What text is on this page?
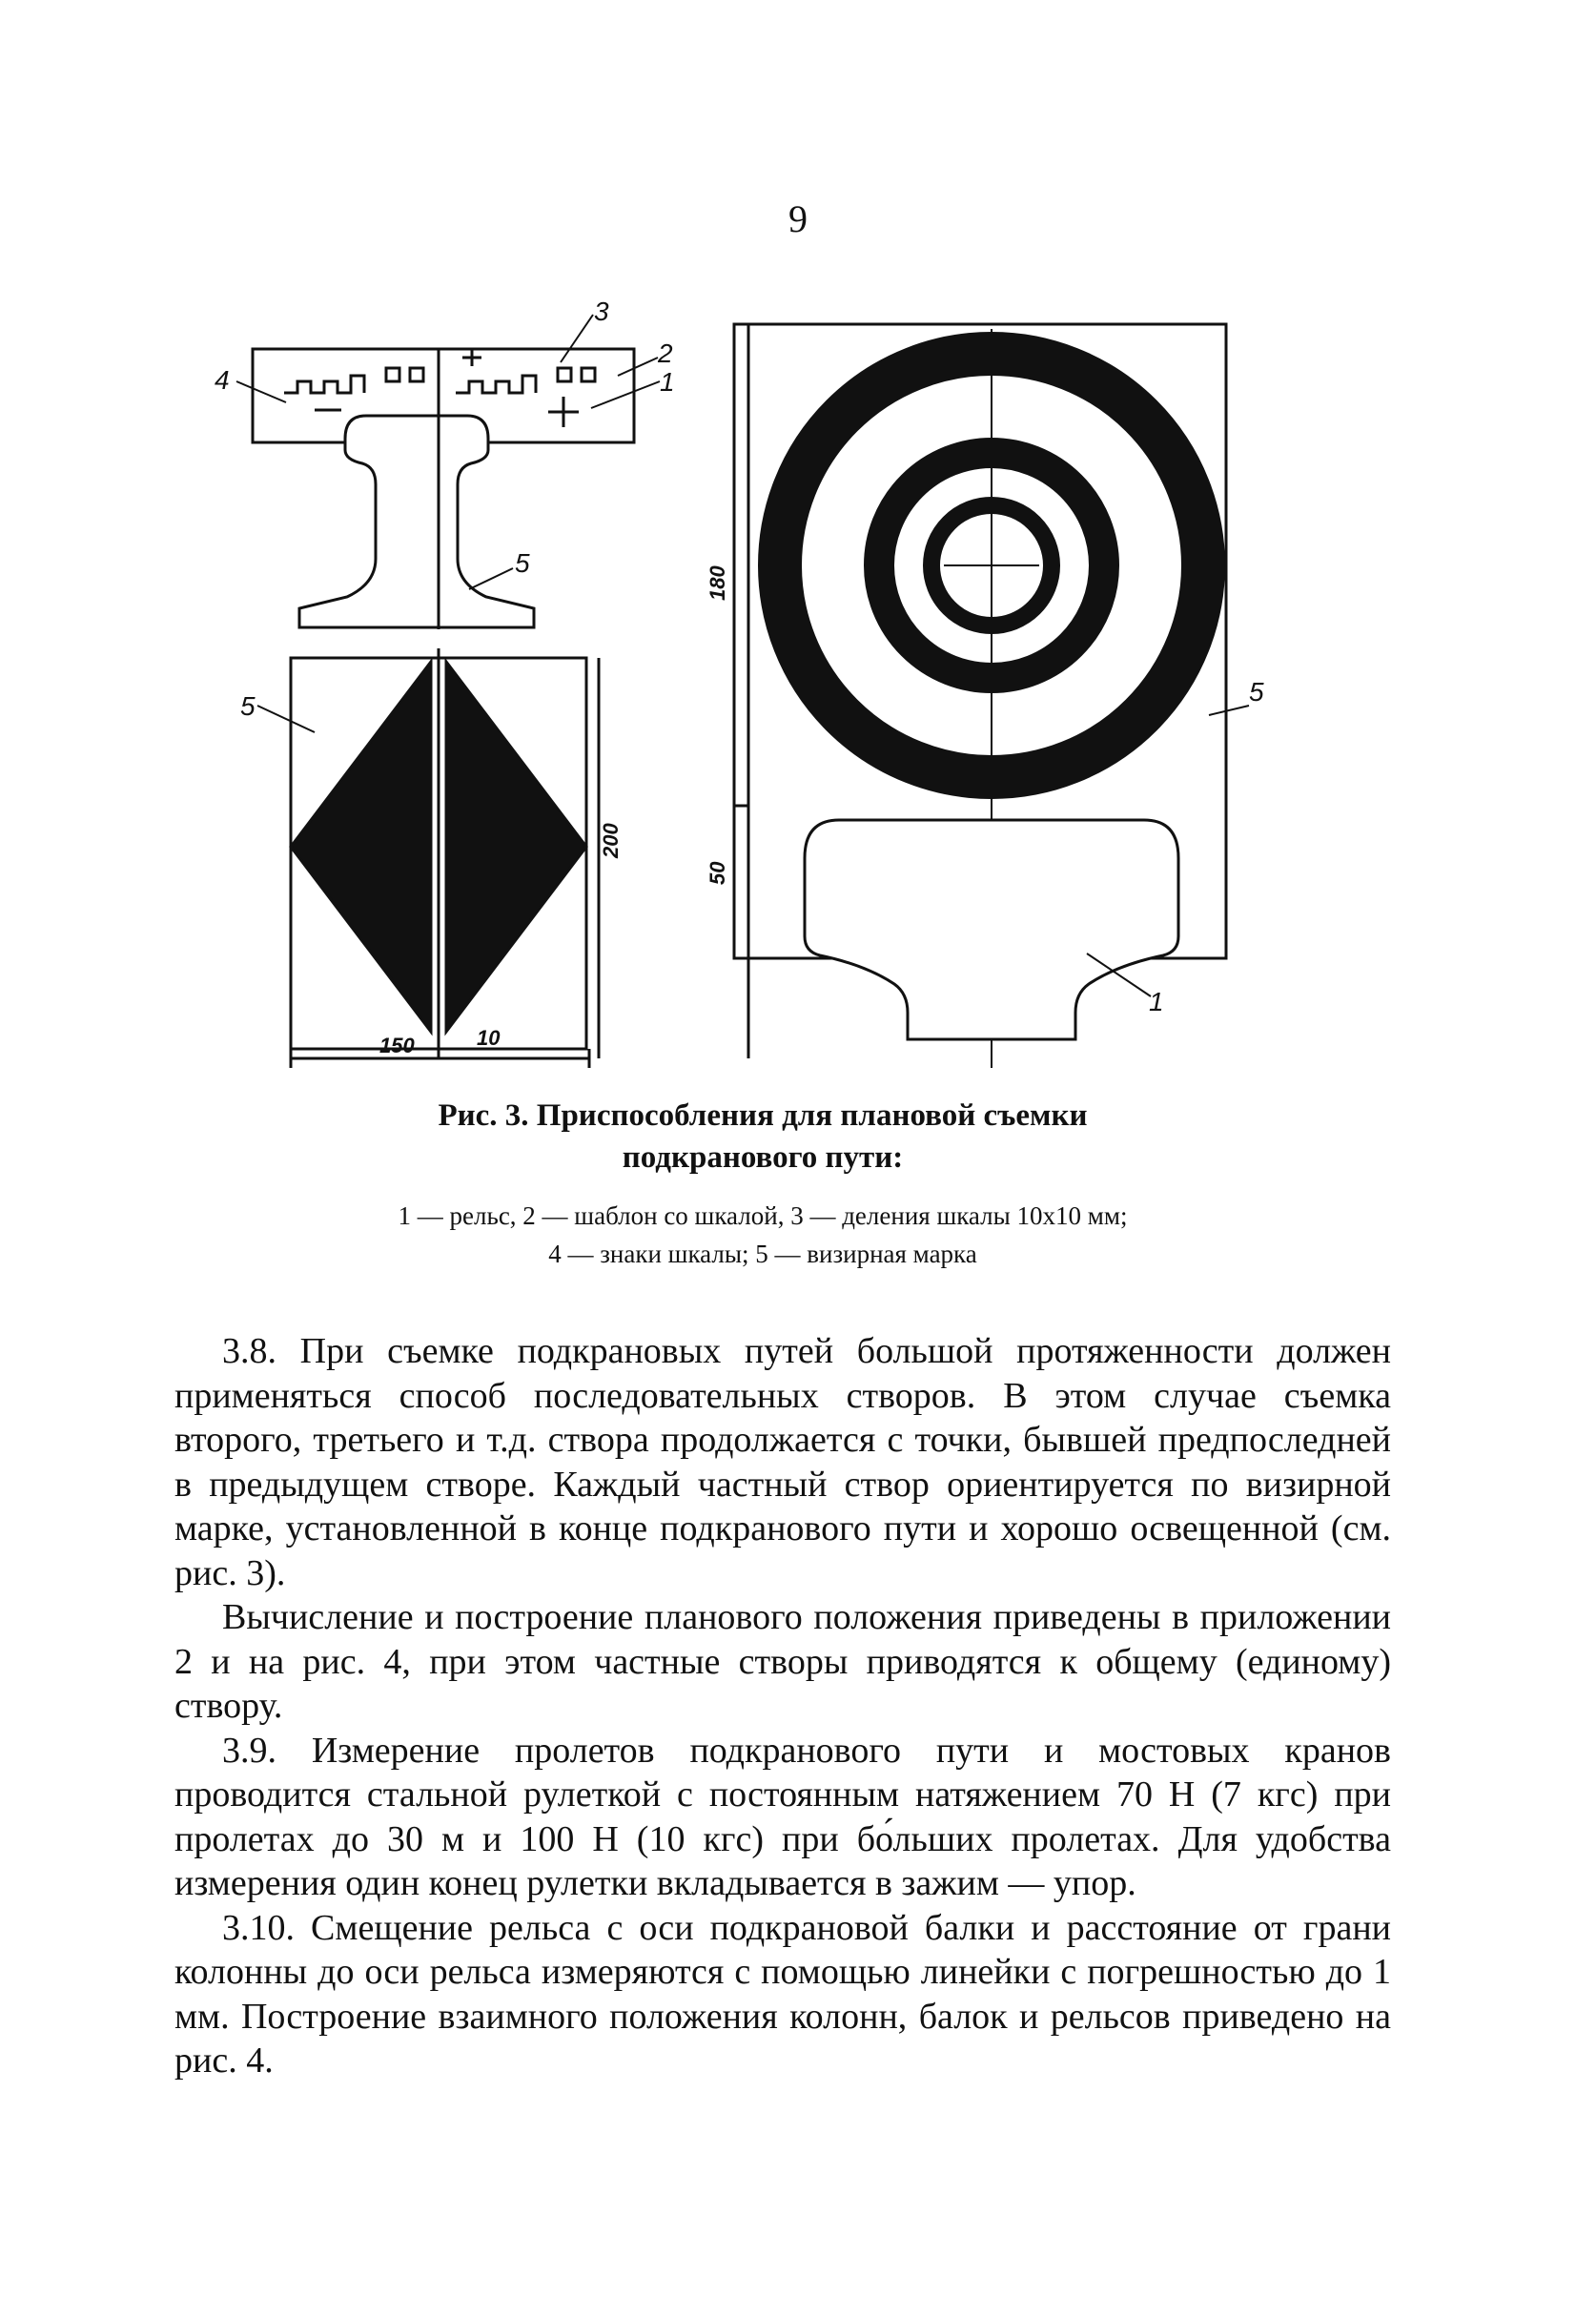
9
3
2
1
4
5
5	5
1
180
50
200
150	10
Рис. 3. Приспособления для плановой съемки
подкранового пути:
1 — рельс, 2 — шаблон со шкалой, 3 — деления шкалы 10х10 мм;
4 — знаки шкалы; 5 — визирная марка

3.8. При съемке подкрановых путей большой протяженности должен применяться способ последовательных створов. В этом случае съемка второго, третьего и т.д. створа продолжается с точки, бывшей предпоследней в предыдущем створе. Каждый частный створ ориентируется по визирной марке, установленной в конце подкранового пути и хорошо освещенной (см. рис. 3).

Вычисление и построение планового положения приведены в приложении 2 и на рис. 4, при этом частные створы приводятся к общему (единому) створу.

3.9. Измерение пролетов подкранового пути и мостовых кранов проводится стальной рулеткой с постоянным натяжением 70 Н (7 кгс) при пролетах до 30 м и 100 Н (10 кгс) при бо́льших пролетах. Для удобства измерения один конец рулетки вкладывается в зажим — упор.

3.10. Смещение рельса с оси подкрановой балки и расстояние от грани колонны до оси рельса измеряются с помощью линейки с погрешностью до 1 мм. Построение взаимного положения колонн, балок и рельсов приведено на рис. 4.
